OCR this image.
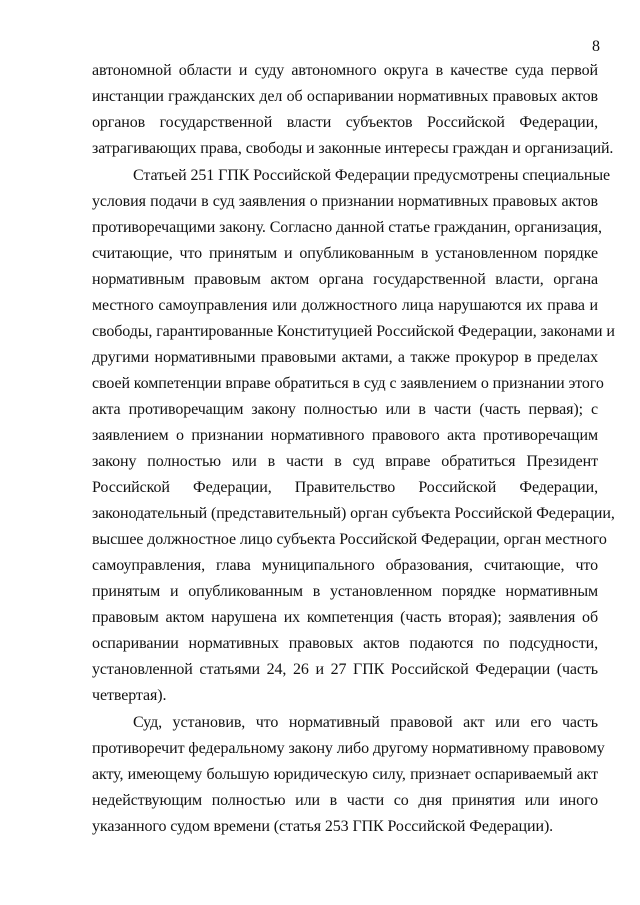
8
автономной области и суду автономного округа в качестве суда первой
инстанции гражданских дел об оспаривании нормативных правовых актов
органов государственной власти субъектов Российской Федерации,
затрагивающих права, свободы и законные интересы граждан и организаций.
Статьей 251 ГПК Российской Федерации предусмотрены специальные
условия подачи в суд заявления о признании нормативных правовых актов
противоречащими закону. Согласно данной статье гражданин, организация,
считающие, что принятым и опубликованным в установленном порядке
нормативным правовым актом органа государственной власти, органа
местного самоуправления или должностного лица нарушаются их права и
свободы, гарантированные Конституцией Российской Федерации, законами и
другими нормативными правовыми актами, а также прокурор в пределах
своей компетенции вправе обратиться в суд с заявлением о признании этого
акта противоречащим закону полностью или в части (часть первая); с
заявлением о признании нормативного правового акта противоречащим
закону полностью или в части в суд вправе обратиться Президент
Российской Федерации, Правительство Российской Федерации,
законодательный (представительный) орган субъекта Российской Федерации,
высшее должностное лицо субъекта Российской Федерации, орган местного
самоуправления, глава муниципального образования, считающие, что
принятым и опубликованным в установленном порядке нормативным
правовым актом нарушена их компетенция (часть вторая); заявления об
оспаривании нормативных правовых актов подаются по подсудности,
установленной статьями 24, 26 и 27 ГПК Российской Федерации (часть
четвертая).
Суд, установив, что нормативный правовой акт или его часть
противоречит федеральному закону либо другому нормативному правовому
акту, имеющему большую юридическую силу, признает оспариваемый акт
недействующим полностью или в части со дня принятия или иного
указанного судом времени (статья 253 ГПК Российской Федерации).
